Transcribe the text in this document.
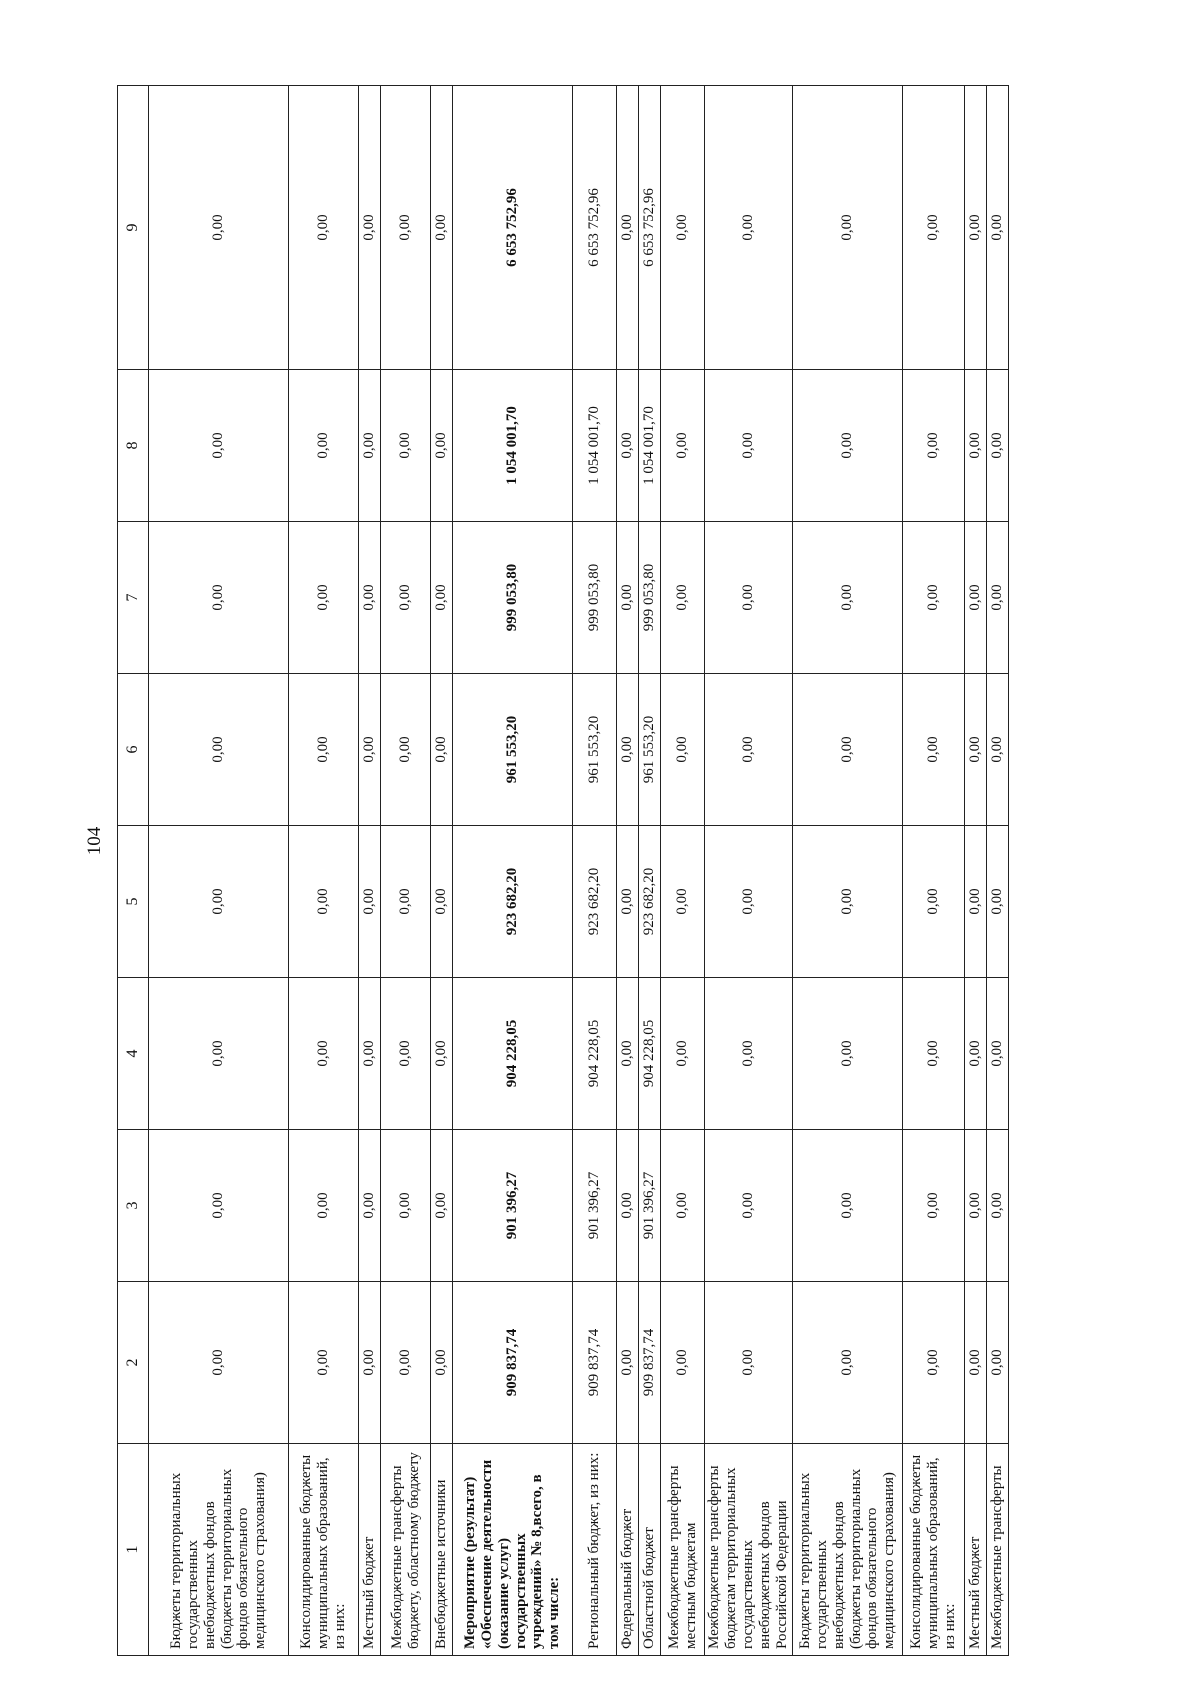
104
1	2	3	4	5	6	7	8	9
Бюджеты территориальных государственных внебюджетных фондов (бюджеты территориальных фондов обязательного медицинского страхования)	0,00	0,00	0,00	0,00	0,00	0,00	0,00	0,00
Консолидированные бюджеты муниципальных образований, из них:	0,00	0,00	0,00	0,00	0,00	0,00	0,00	0,00
Местный бюджет	0,00	0,00	0,00	0,00	0,00	0,00	0,00	0,00
Межбюджетные трансферты бюджету, областному бюджету	0,00	0,00	0,00	0,00	0,00	0,00	0,00	0,00
Внебюджетные источники	0,00	0,00	0,00	0,00	0,00	0,00	0,00	0,00
Мероприятие (результат) «Обеспечение деятельности (оказание услуг) государственных учреждений» № 8,всего, в том числе:	909 837,74	901 396,27	904 228,05	923 682,20	961 553,20	999 053,80	1 054 001,70	6 653 752,96
Региональный бюджет, из них:	909 837,74	901 396,27	904 228,05	923 682,20	961 553,20	999 053,80	1 054 001,70	6 653 752,96
Федеральный бюджет	0,00	0,00	0,00	0,00	0,00	0,00	0,00	0,00
Областной бюджет	909 837,74	901 396,27	904 228,05	923 682,20	961 553,20	999 053,80	1 054 001,70	6 653 752,96
Межбюджетные трансферты местным бюджетам	0,00	0,00	0,00	0,00	0,00	0,00	0,00	0,00
Межбюджетные трансферты бюджетам территориальных государственных внебюджетных фондов Российской Федерации	0,00	0,00	0,00	0,00	0,00	0,00	0,00	0,00
Бюджеты территориальных государственных внебюджетных фондов (бюджеты территориальных фондов обязательного медицинского страхования)	0,00	0,00	0,00	0,00	0,00	0,00	0,00	0,00
Консолидированные бюджеты муниципальных образований, из них:	0,00	0,00	0,00	0,00	0,00	0,00	0,00	0,00
Местный бюджет	0,00	0,00	0,00	0,00	0,00	0,00	0,00	0,00
Межбюджетные трансферты	0,00	0,00	0,00	0,00	0,00	0,00	0,00	0,00
